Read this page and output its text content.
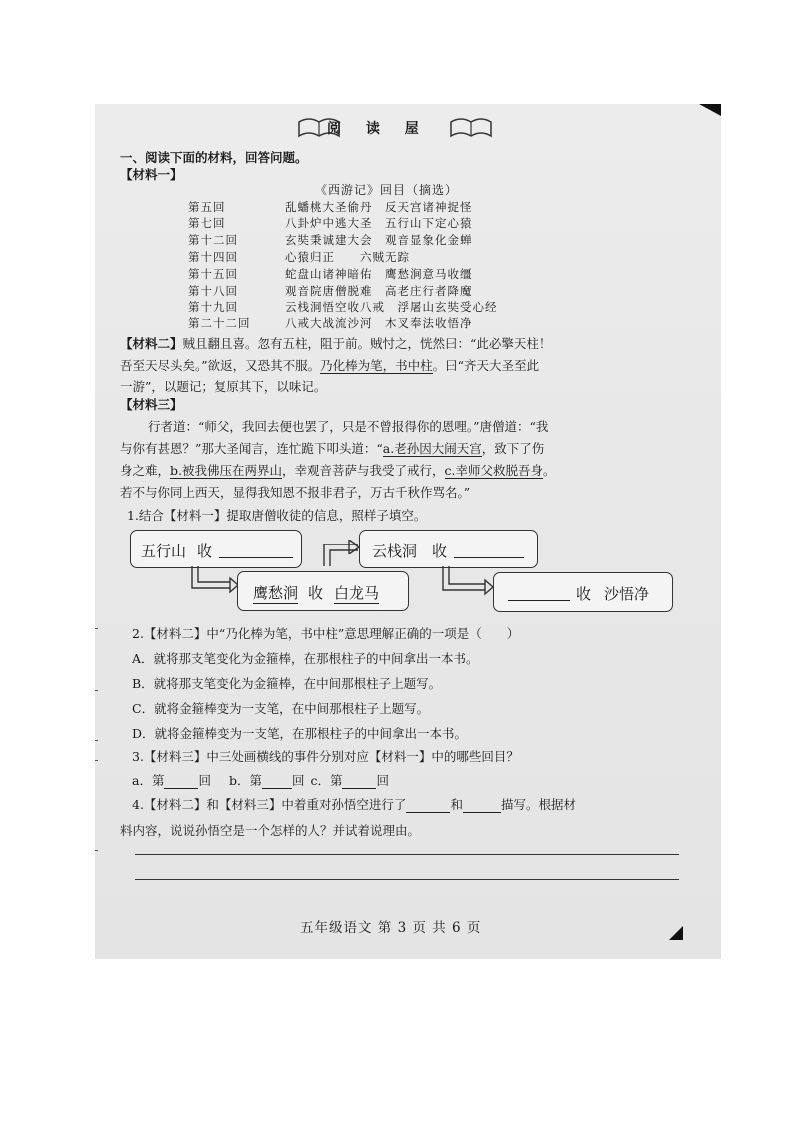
阅 读 屋
一、阅读下面的材料，回答问题。
【材料一】
《西游记》回目（摘选）
第五回	乱蟠桃大圣偷丹　反天宫诸神捉怪
第七回	八卦炉中逃大圣　五行山下定心猿
第十二回	玄奘秉诚建大会　观音显象化金蝉
第十四回	心猿归正　　六贼无踪
第十五回	蛇盘山诸神暗佑　鹰愁涧意马收缰
第十八回	观音院唐僧脱难　高老庄行者降魔
第十九回	云栈洞悟空收八戒　浮屠山玄奘受心经
第二十二回	八戒大战流沙河　木叉奉法收悟净
【材料二】贼且翻且喜。忽有五柱，阻于前。贼忖之，恍然曰：“此必擎天柱！
吾至天尽头矣。”欲返，又恐其不服。乃化棒为笔，书中柱。曰“齐天大圣至此
一游”，以题记；复原其下，以味记。
【材料三】
行者道：“师父，我回去便也罢了，只是不曾报得你的恩哩。”唐僧道：“我
与你有甚恩？”那大圣闻言，连忙跪下叩头道：“a.老孙因大闹天宫，致下了伤
身之难，b.被我佛压在两界山，幸观音菩萨与我受了戒行，c.幸师父救脱吾身。
若不与你同上西天，显得我知恩不报非君子，万古千秋作骂名。”
1.结合【材料一】提取唐僧收徒的信息，照样子填空。
五行山 收
鹰愁涧 收 白龙马
云栈洞 收
收 沙悟净
2.【材料二】中“乃化棒为笔，书中柱”意思理解正确的一项是（　　）
A．就将那支笔变化为金箍棒，在那根柱子的中间拿出一本书。
B．就将那支笔变化为金箍棒，在中间那根柱子上题写。
C．就将金箍棒变为一支笔，在中间那根柱子上题写。
D．就将金箍棒变为一支笔，在那根柱子的中间拿出一本书。
3.【材料三】中三处画横线的事件分别对应【材料一】中的哪些回目？
a．第	回 b．第 回 c．第	回
4.【材料二】和【材料三】中着重对孙悟空进行了	和	描写。根据材
料内容，说说孙悟空是一个怎样的人？并试着说理由。
五年级语文 第 3 页 共 6 页
